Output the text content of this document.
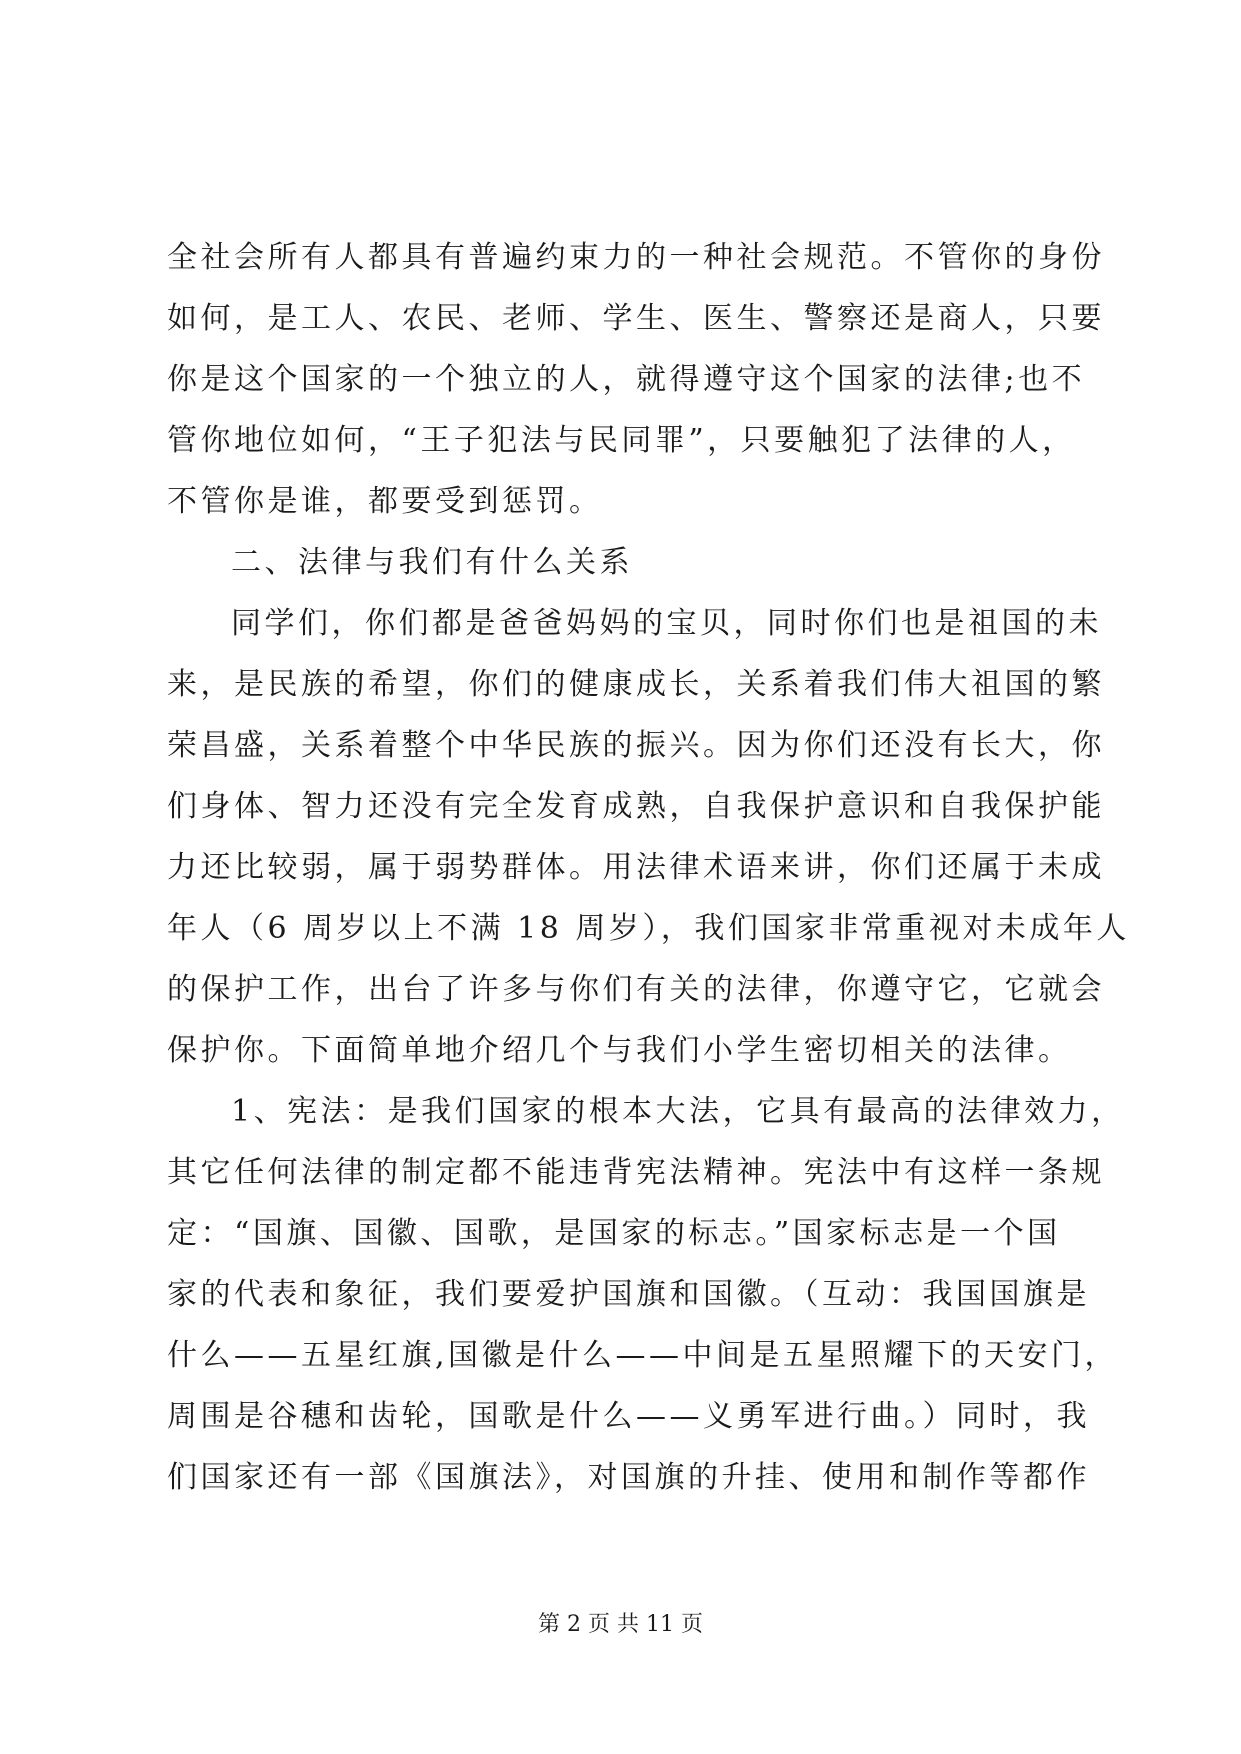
全社会所有人都具有普遍约束力的一种社会规范。不管你的身份
如何，是工人、农民、老师、学生、医生、警察还是商人，只要
你是这个国家的一个独立的人，就得遵守这个国家的法律;也不
管你地位如何，“王子犯法与民同罪”，只要触犯了法律的人，
不管你是谁，都要受到惩罚。
二、法律与我们有什么关系
同学们，你们都是爸爸妈妈的宝贝，同时你们也是祖国的未
来，是民族的希望，你们的健康成长，关系着我们伟大祖国的繁
荣昌盛，关系着整个中华民族的振兴。因为你们还没有长大，你
们身体、智力还没有完全发育成熟，自我保护意识和自我保护能
力还比较弱，属于弱势群体。用法律术语来讲，你们还属于未成
年人（6 周岁以上不满 18 周岁），我们国家非常重视对未成年人
的保护工作，出台了许多与你们有关的法律，你遵守它，它就会
保护你。下面简单地介绍几个与我们小学生密切相关的法律。
1、宪法：是我们国家的根本大法，它具有最高的法律效力，
其它任何法律的制定都不能违背宪法精神。宪法中有这样一条规
定：“国旗、国徽、国歌，是国家的标志。”国家标志是一个国
家的代表和象征，我们要爱护国旗和国徽。（互动：我国国旗是
什么——五星红旗,国徽是什么——中间是五星照耀下的天安门，
周围是谷穗和齿轮，国歌是什么——义勇军进行曲。）同时，我
们国家还有一部《国旗法》，对国旗的升挂、使用和制作等都作
第 2 页 共 11 页
